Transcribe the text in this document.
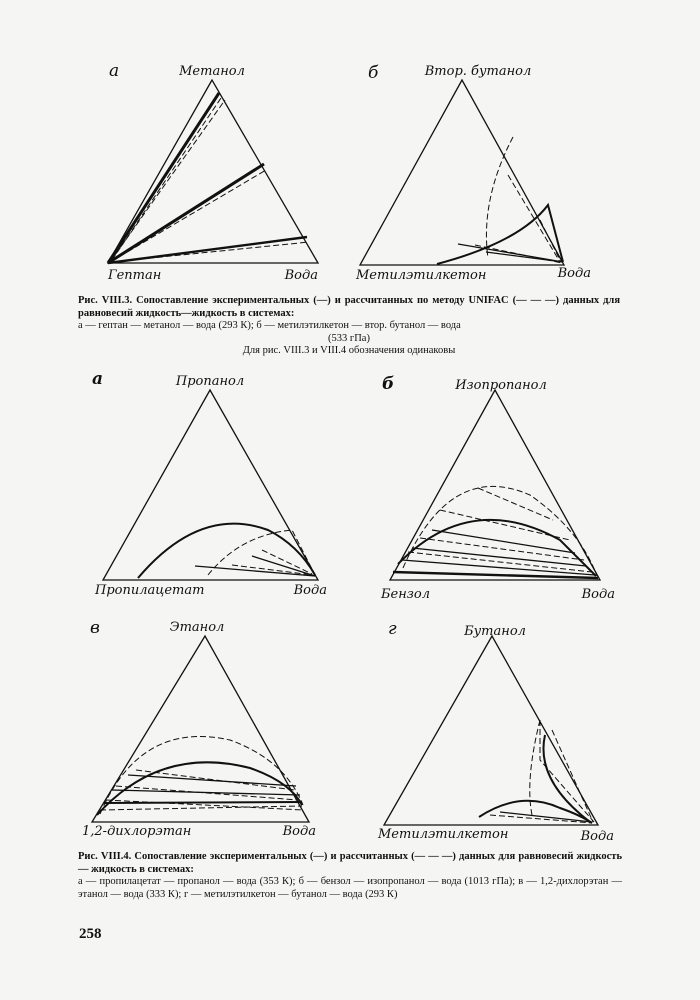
а	Метанол
Гептан	Вода
б	Втор. бутанол
Метилэтилкетон	Вода
а	Пропанол
Пропилацетат	Вода
б	Изопропанол
Бензол	Вода
в	Этанол
1,2-дихлорэтан	Вода
г	Бутанол
Метилэтилкетон	Вода
Рис. VIII.3. Сопоставление экспериментальных (—) и рассчитанных по методу UNIFAC (— — —) данных для равновесий жидкость—жидкость в системах:
а — гептан — метанол — вода (293 К); б — метилэтилкетон — втор. бутанол — вода
(533 гПа)
Для рис. VIII.3 и VIII.4 обозначения одинаковы
Рис. VIII.4. Сопоставление экспериментальных (—) и рассчитанных (— — —) данных для равновесий жидкость — жидкость в системах:
а — пропилацетат — пропанол — вода (353 К); б — бензол — изопропанол — вода (1013 гПа); в — 1,2-дихлорэтан — этанол — вода (333 К); г — метилэтилкетон — бутанол — вода (293 К)
258
